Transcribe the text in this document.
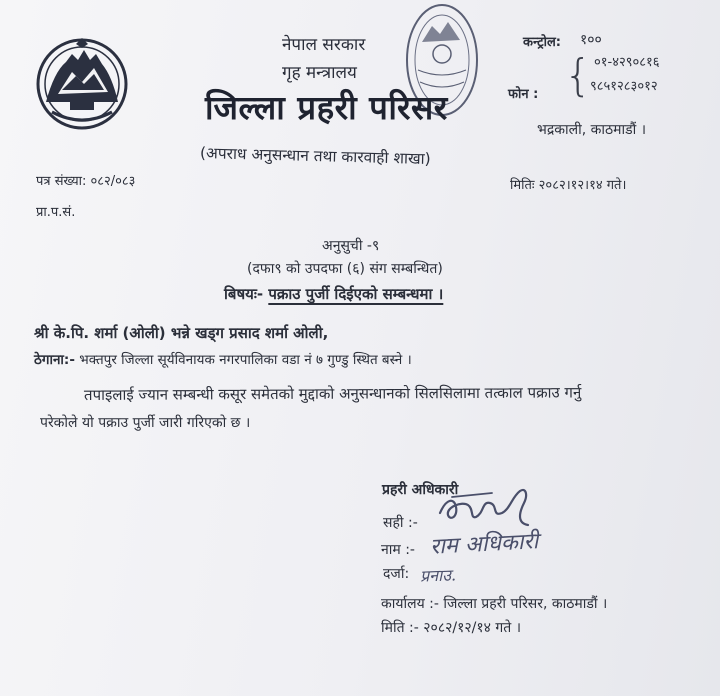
नेपाल सरकार
गृह मन्त्रालय
जिल्ला प्रहरी परिसर
(अपराध अनुसन्धान तथा कारवाही शाखा)
कन्ट्रोल: १००
फोन : { ०१-४२९०८१६
९८५१२८३०१२
भद्रकाली, काठमाडौं ।
पत्र संख्या: ०८२/०८३	मितिः २०८२।१२।१४ गते।
प्रा.प.सं.
अनुसुची -९
(दफा९ को उपदफा (६) संग सम्बन्धित)
बिषयः- पक्राउ पुर्जी दिईएको सम्बन्धमा ।
श्री के.पि. शर्मा (ओली) भन्ने खड्ग प्रसाद शर्मा ओली,
ठेगाना:- भक्तपुर जिल्ला सूर्यविनायक नगरपालिका वडा नं ७ गुण्डु स्थित बस्ने ।
तपाइलाई ज्यान सम्बन्धी कसूर समेतको मुद्दाको अनुसन्धानको सिलसिलामा तत्काल पक्राउ गर्नु
परेकोले यो पक्राउ पुर्जी जारी गरिएको छ ।
प्रहरी अधिकारी
सही :-
नाम :- राम अधिकारी
दर्जा: प्रनाउ.
कार्यालय :- जिल्ला प्रहरी परिसर, काठमाडौं ।
मिति :- २०८२/१२/१४ गते ।
